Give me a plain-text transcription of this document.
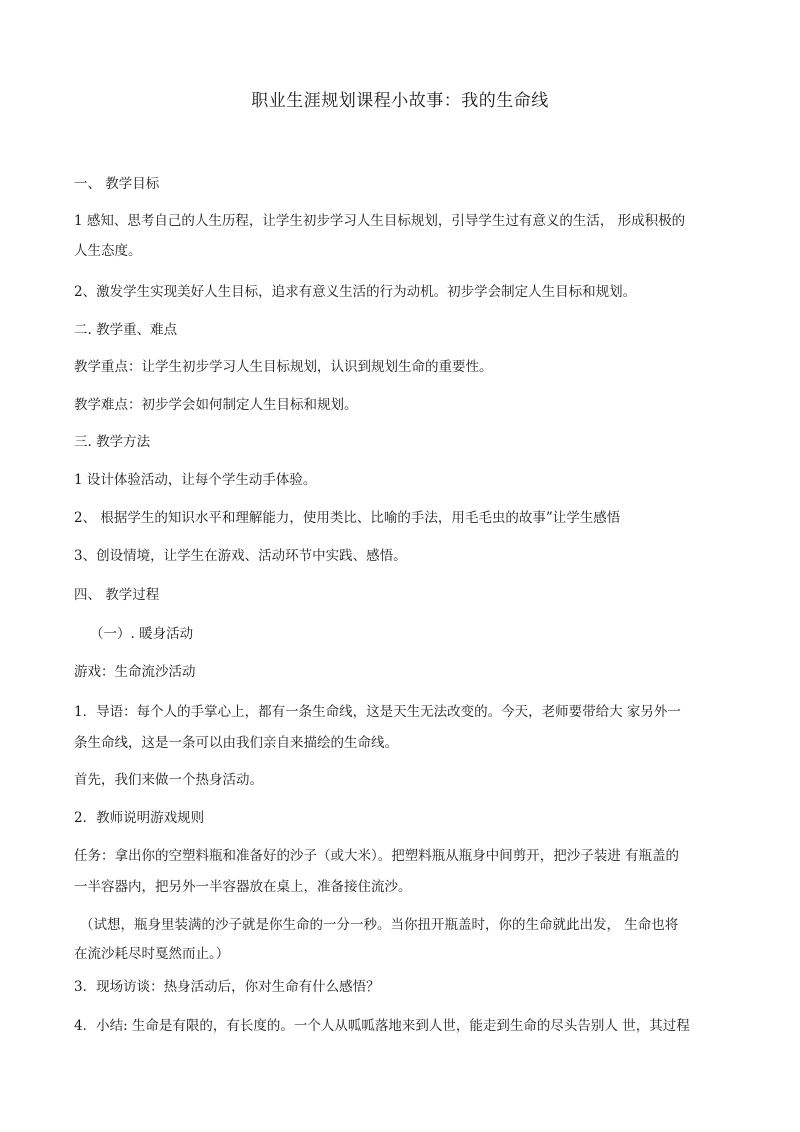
职业生涯规划课程小故事：我的生命线
一、 教学目标
1 感知、思考自己的人生历程，让学生初步学习人生目标规划，引导学生过有意义的生活， 形成积极的
人生态度。
2、激发学生实现美好人生目标，追求有意义生活的行为动机。初步学会制定人生目标和规划。
二. 教学重、难点
教学重点：让学生初步学习人生目标规划，认识到规划生命的重要性。
教学难点：初步学会如何制定人生目标和规划。
三. 教学方法
1 设计体验活动，让每个学生动手体验。
2、 根据学生的知识水平和理解能力，使用类比、比喻的手法，用毛毛虫的故事”让学生感悟
3、创设情境，让学生在游戏、活动环节中实践、感悟。
四、 教学过程
（一）. 暖身活动
游戏：生命流沙活动
1．导语：每个人的手掌心上，都有一条生命线，这是天生无法改变的。今天，老师要带给大 家另外一
条生命线，这是一条可以由我们亲自来描绘的生命线。
首先，我们来做一个热身活动。
2．教师说明游戏规则
任务：拿出你的空塑料瓶和准备好的沙子（或大米）。把塑料瓶从瓶身中间剪开，把沙子装进 有瓶盖的
一半容器内，把另外一半容器放在桌上，准备接住流沙。
（试想，瓶身里装满的沙子就是你生命的一分一秒。当你扭开瓶盖时，你的生命就此出发， 生命也将
在流沙耗尽时戛然而止。）
3．现场访谈：热身活动后，你对生命有什么感悟？
4．小结: 生命是有限的，有长度的。一个人从呱呱落地来到人世，能走到生命的尽头告别人 世，其过程
